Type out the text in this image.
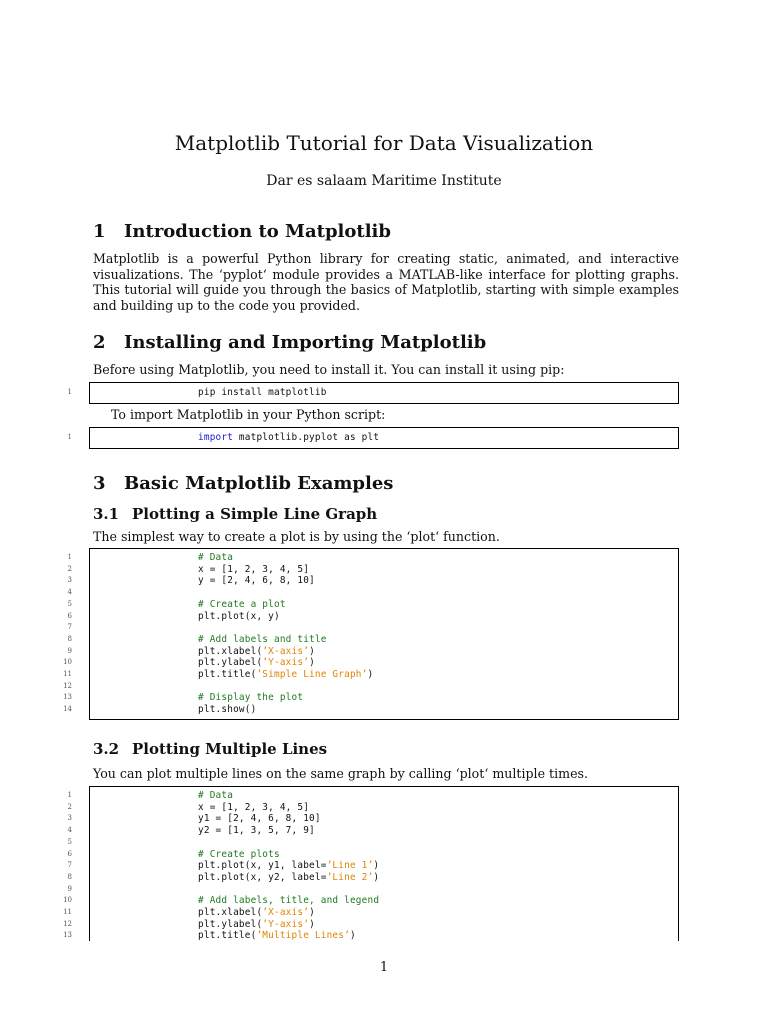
Matplotlib Tutorial for Data Visualization
Dar es salaam Maritime Institute
1 Introduction to Matplotlib
Matplotlib is a powerful Python library for creating static, animated, and interactive visualizations. The ‘pyplot‘ module provides a MATLAB-like interface for plotting graphs. This tutorial will guide you through the basics of Matplotlib, starting with simple examples and building up to the code you provided.
2 Installing and Importing Matplotlib
Before using Matplotlib, you need to install it. You can install it using pip:
1	pip install matplotlib
To import Matplotlib in your Python script:
1	import matplotlib.pyplot as plt
3 Basic Matplotlib Examples
3.1 Plotting a Simple Line Graph
The simplest way to create a plot is by using the ‘plot‘ function.
1	# Data
2	x = [1, 2, 3, 4, 5]
3	y = [2, 4, 6, 8, 10]
4
5	# Create a plot
6	plt.plot(x, y)
7
8	# Add labels and title
9	plt.xlabel(’X-axis’)
10	plt.ylabel(’Y-axis’)
11	plt.title(’Simple Line Graph’)
12
13	# Display the plot
14	plt.show()
3.2 Plotting Multiple Lines
You can plot multiple lines on the same graph by calling ‘plot‘ multiple times.
1	# Data
2	x = [1, 2, 3, 4, 5]
3	y1 = [2, 4, 6, 8, 10]
4	y2 = [1, 3, 5, 7, 9]
5
6	# Create plots
7	plt.plot(x, y1, label=’Line 1’)
8	plt.plot(x, y2, label=’Line 2’)
9
10	# Add labels, title, and legend
11	plt.xlabel(’X-axis’)
12	plt.ylabel(’Y-axis’)
13	plt.title(’Multiple Lines’)
1
